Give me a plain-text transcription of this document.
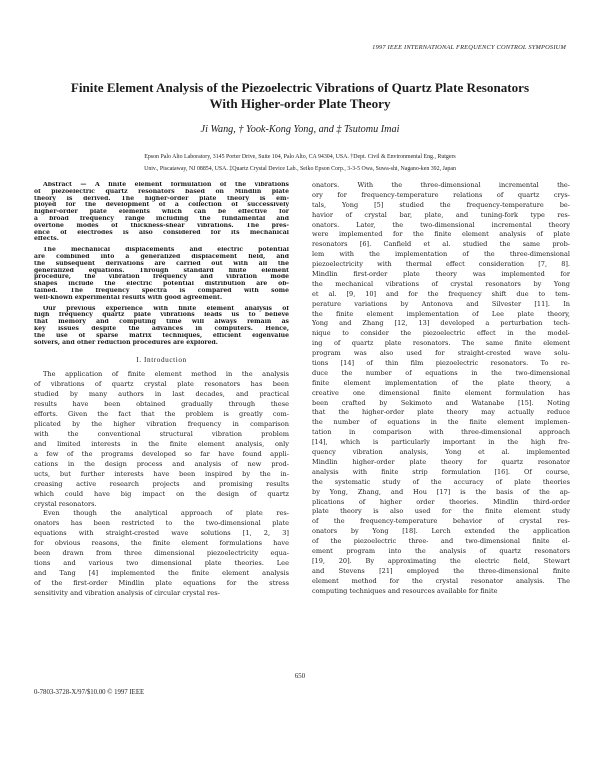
1997 IEEE INTERNATIONAL FREQUENCY CONTROL SYMPOSIUM
Finite Element Analysis of the Piezoelectric Vibrations of Quartz Plate Resonators
With Higher-order Plate Theory
Ji Wang, † Yook-Kong Yong, and ‡ Tsutomu Imai
Epson Palo Alto Laboratory, 3145 Porter Drive, Suite 104, Palo Alto, CA 94304, USA. †Dept. Civil & Environmental Eng., Rutgers
Univ., Piscataway, NJ 08854, USA. ‡Quartz Crystal Device Lab., Seiko Epson Corp., 3-3-5 Owa, Suwa-shi, Nagano-ken 392, Japan
Abstract — A finite element formulation of the vibrations
of piezoelectric quartz resonators based on Mindlin plate
theory is derived. The higher-order plate theory is em-
ployed for the development of a collection of successively
higher-order plate elements which can be effective for
a broad frequency range including the fundamental and
overtone modes of thickness-shear vibrations. The pres-
ence of electrodes is also considered for its mechanical
effects.
The mechanical displacements and electric potential
are combined into a generalized displacement field, and
the subsequent derivations are carried out with all the
generalized equations. Through standard finite element
procedure, the vibration frequency and vibration mode
shapes include the electric potential distribution are ob-
tained. The frequency spectra is compared with some
well-known experimental results with good agreement.
Our previous experience with finite element analysis of
high frequency quartz plate vibrations leads us to believe
that memory and computing time will always remain as
key issues despite the advances in computers. Hence,
the use of sparse matrix techniques, efficient eigenvalue
solvers, and other reduction procedures are explored.
I. Introduction
The application of finite element method in the analysis
of vibrations of quartz crystal plate resonators has been
studied by many authors in last decades, and practical
results have been obtained gradually through these
efforts. Given the fact that the problem is greatly com-
plicated by the higher vibration frequency in comparison
with the conventional structural vibration problem
and limited interests in the finite element analysis, only
a few of the programs developed so far have found appli-
cations in the design process and analysis of new prod-
ucts, but further interests have been inspired by the in-
creasing active research projects and promising results
which could have big impact on the design of quartz
crystal resonators.
Even though the analytical approach of plate res-
onators has been restricted to the two-dimensional plate
equations with straight-crested wave solutions [1, 2, 3]
for obvious reasons, the finite element formulations have
been drawn from three dimensional piezoelectricity equa-
tions and various two dimensional plate theories. Lee
and Tang [4] implemented the finite element analysis
of the first-order Mindlin plate equations for the stress
sensitivity and vibration analysis of circular crystal res-
onators. With the three-dimensional incremental the-
ory for frequency-temperature relations of quartz crys-
tals, Yong [5] studied the frequency-temperature be-
havior of crystal bar, plate, and tuning-fork type res-
onators. Later, the two-dimensional incremental theory
were implemented for the finite element analysis of plate
resonators [6]. Canfield et al. studied the same prob-
lem with the implementation of the three-dimensional
piezoelectricity with thermal effect consideration [7, 8].
Mindlin first-order plate theory was implemented for
the mechanical vibrations of crystal resonators by Yong
et al. [9, 10] and for the frequency shift due to tem-
perature variations by Antonova and Silvester [11]. In
the finite element implementation of Lee plate theory,
Yong and Zhang [12, 13] developed a perturbation tech-
nique to consider the piezoelectric effect in the model-
ing of quartz plate resonators. The same finite element
program was also used for straight-crested wave solu-
tions [14] of thin film piezoelectric resonators. To re-
duce the number of equations in the two-dimensional
finite element implementation of the plate theory, a
creative one dimensional finite element formulation has
been crafted by Sekimoto and Watanabe [15]. Noting
that the higher-order plate theory may actually reduce
the number of equations in the finite element implemen-
tation in comparison with three-dimensional approach
[14], which is particularly important in the high fre-
quency vibration analysis, Yong et al. implemented
Mindlin higher-order plate theory for quartz resonator
analysis with finite strip formulation [16]. Of course,
the systematic study of the accuracy of plate theories
by Yong, Zhang, and Hou [17] is the basis of the ap-
plications of higher order theories. Mindlin third-order
plate theory is also used for the finite element study
of the frequency-temperature behavior of crystal res-
onators by Yong [18]. Lerch extended the application
of the piezoelectric three- and two-dimensional finite el-
ement program into the analysis of quartz resonators
[19, 20]. By approximating the electric field, Stewart
and Stevens [21] employed the three-dimensional finite
element method for the crystal resonator analysis. The
computing techniques and resources available for finite
650
0-7803-3728-X/97/$10.00 © 1997 IEEE
